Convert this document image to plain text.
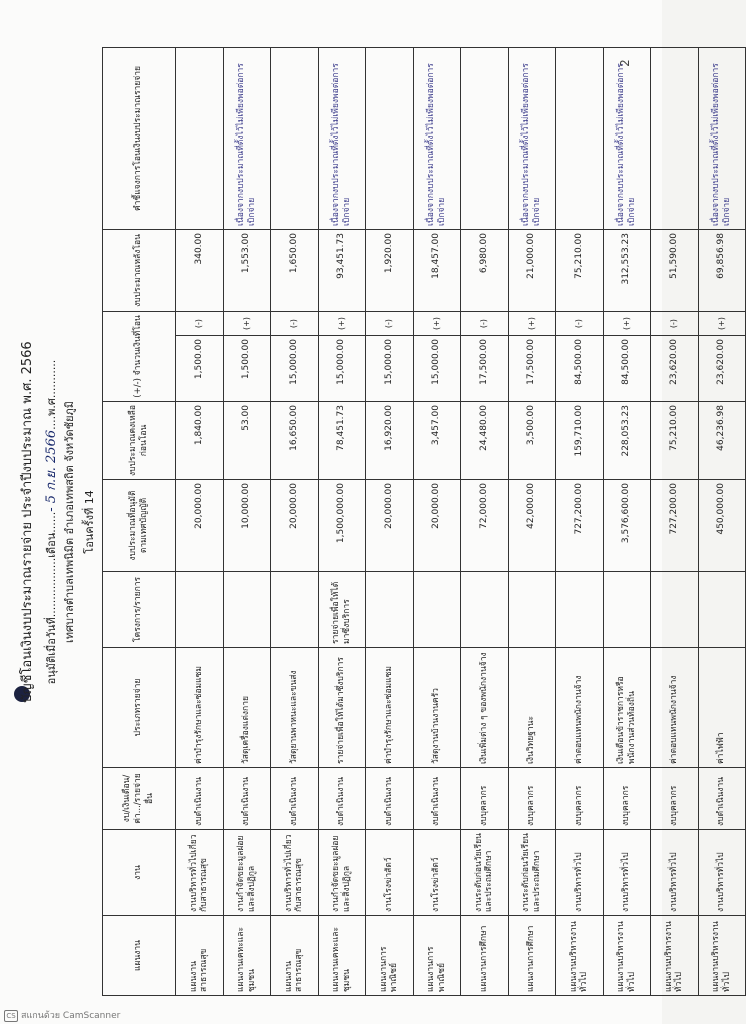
บัญชีโอนเงินงบประมาณรายจ่าย ประจำปีงบประมาณ พ.ศ. 2566 อนุมัติเมื่อวันที่.................เดือน......- 5 ก.ย. 2566....พ.ศ...........
เทศบาลตำบลเทพนิมิต อำเภอเทพสถิต จังหวัดชัยภูมิ โอนครั้งที่ 14
แผนงาน	งาน	งบ/เงินเดือน/ค่า.../รายจ่ายอื่น	ประเภทรายจ่าย	โครงการ/รายการ	งบประมาณที่อนุมัติตามเทศบัญญัติ	งบประมาณคงเหลือก่อนโอน	(+/-) จำนวนเงินที่โอน		งบประมาณหลังโอน	คำชี้แจงการโอนเงินงบประมาณรายจ่าย
แผนงานสาธารณสุข	งานบริหารทั่วไปเกี่ยวกับสาธารณสุข	งบดำเนินงาน	ค่าบำรุงรักษาและซ่อมแซม		20,000.00	1,840.00	1,500.00	(-)	340.00	
แผนงานเคหะและชุมชน	งานกำจัดขยะมูลฝอยและสิ่งปฏิกูล	งบดำเนินงาน	วัสดุเครื่องแต่งกาย		10,000.00	53.00	1,500.00	(+)	1,553.00	เนื่องจากงบประมาณที่ตั้งไว้ไม่เพียงพอต่อการเบิกจ่าย
แผนงานสาธารณสุข	งานบริหารทั่วไปเกี่ยวกับสาธารณสุข	งบดำเนินงาน	วัสดุยานพาหนะและขนส่ง		20,000.00	16,650.00	15,000.00	(-)	1,650.00	
แผนงานเคหะและชุมชน	งานกำจัดขยะมูลฝอยและสิ่งปฏิกูล	งบดำเนินงาน	รายจ่ายเพื่อให้ได้มาซึ่งบริการ	รายจ่ายเพื่อให้ได้มาซึ่งบริการ	1,500,000.00	78,451.73	15,000.00	(+)	93,451.73	เนื่องจากงบประมาณที่ตั้งไว้ไม่เพียงพอต่อการเบิกจ่าย
แผนงานการพาณิชย์	งานโรงฆ่าสัตว์	งบดำเนินงาน	ค่าบำรุงรักษาและซ่อมแซม		20,000.00	16,920.00	15,000.00	(-)	1,920.00	
แผนงานการพาณิชย์	งานโรงฆ่าสัตว์	งบดำเนินงาน	วัสดุงานบ้านงานครัว		20,000.00	3,457.00	15,000.00	(+)	18,457.00	เนื่องจากงบประมาณที่ตั้งไว้ไม่เพียงพอต่อการเบิกจ่าย
แผนงานการศึกษา	งานระดับก่อนวัยเรียนและประถมศึกษา	งบบุคลากร	เงินเพิ่มต่าง ๆ ของพนักงานจ้าง		72,000.00	24,480.00	17,500.00	(-)	6,980.00	
แผนงานการศึกษา	งานระดับก่อนวัยเรียนและประถมศึกษา	งบบุคลากร	เงินวิทยฐานะ		42,000.00	3,500.00	17,500.00	(+)	21,000.00	เนื่องจากงบประมาณที่ตั้งไว้ไม่เพียงพอต่อการเบิกจ่าย
แผนงานบริหารงานทั่วไป	งานบริหารทั่วไป	งบบุคลากร	ค่าตอบแทนพนักงานจ้าง		727,200.00	159,710.00	84,500.00	(-)	75,210.00	
แผนงานบริหารงานทั่วไป	งานบริหารทั่วไป	งบบุคลากร	เงินเดือนข้าราชการหรือพนักงานส่วนท้องถิ่น		3,576,600.00	228,053.23	84,500.00	(+)	312,553.23	เนื่องจากงบประมาณที่ตั้งไว้ไม่เพียงพอต่อการเบิกจ่าย
แผนงานบริหารงานทั่วไป	งานบริหารทั่วไป	งบบุคลากร	ค่าตอบแทนพนักงานจ้าง		727,200.00	75,210.00	23,620.00	(-)	51,590.00	
แผนงานบริหารงานทั่วไป	งานบริหารทั่วไป	งบดำเนินงาน	ค่าไฟฟ้า		450,000.00	46,236.98	23,620.00	(+)	69,856.98	เนื่องจากงบประมาณที่ตั้งไว้ไม่เพียงพอต่อการเบิกจ่าย
2
CS สแกนด้วย CamScanner
